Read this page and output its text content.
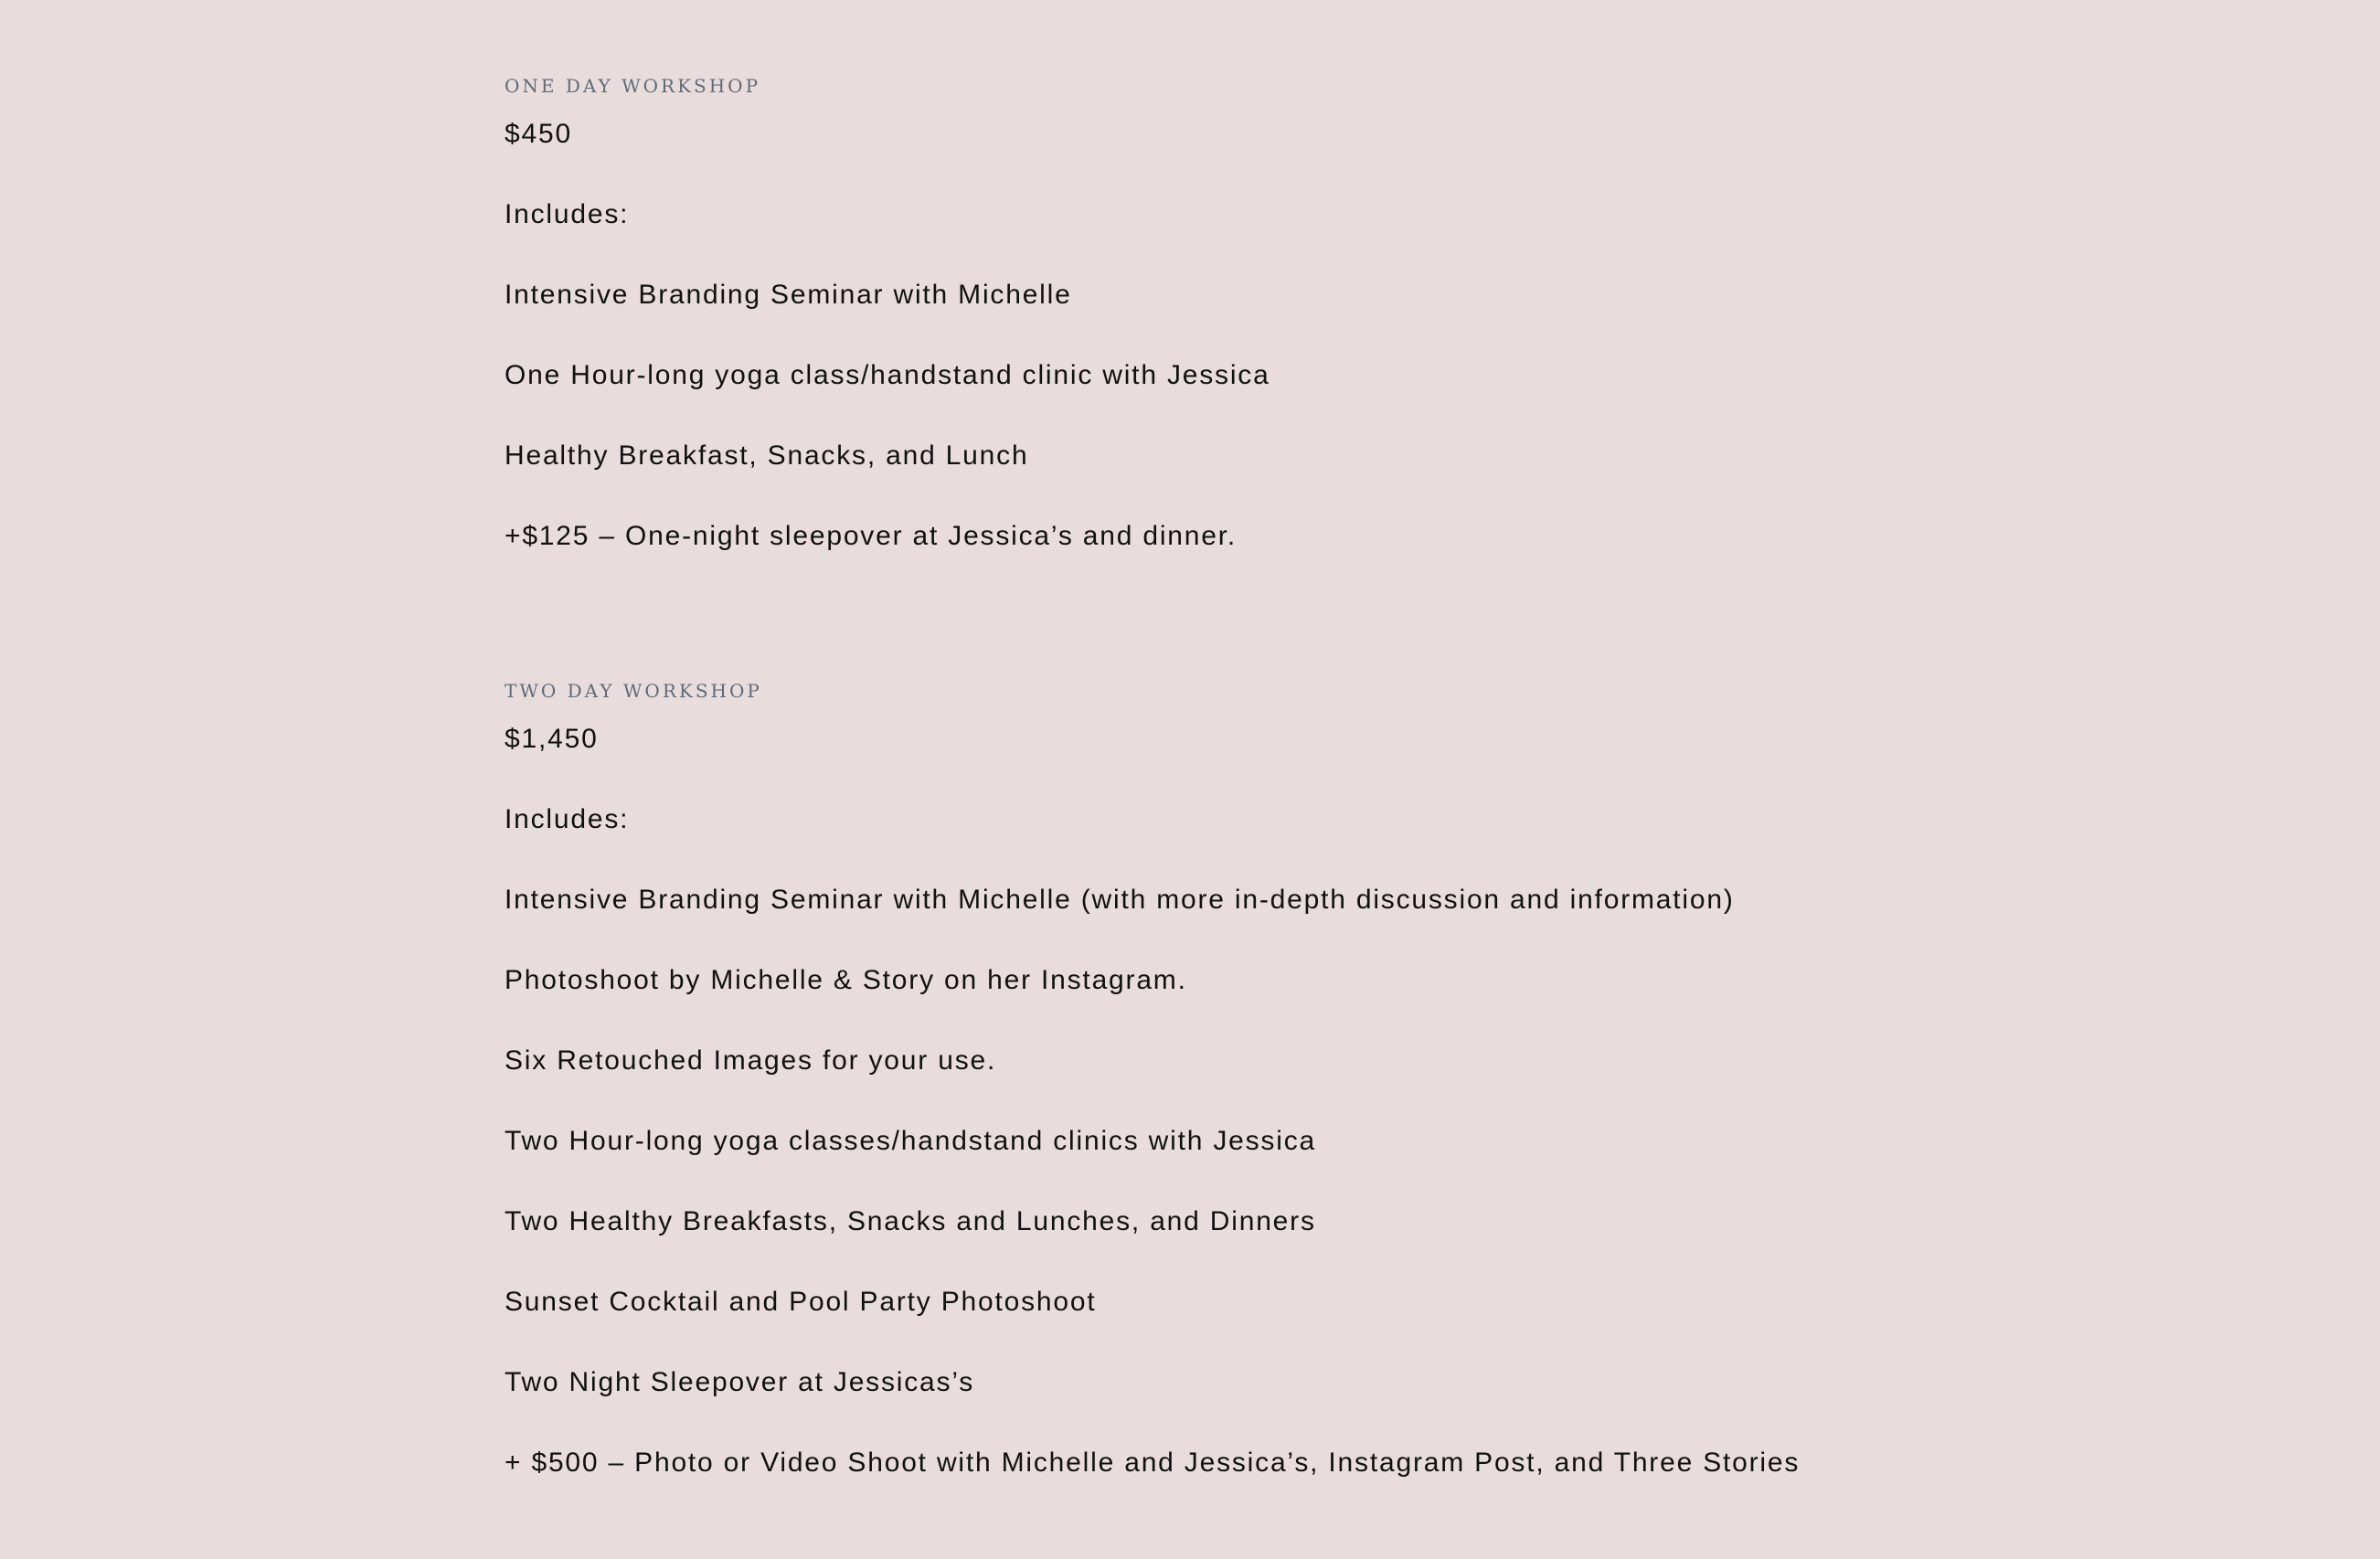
ONE DAY WORKSHOP

$450

Includes:

Intensive Branding Seminar with Michelle

One Hour-long yoga class/handstand clinic with Jessica

Healthy Breakfast, Snacks, and Lunch

+$125 – One-night sleepover at Jessica’s and dinner.

TWO DAY WORKSHOP

$1,450

Includes:

Intensive Branding Seminar with Michelle (with more in-depth discussion and information)

Photoshoot by Michelle & Story on her Instagram.

Six Retouched Images for your use.

Two Hour-long yoga classes/handstand clinics with Jessica

Two Healthy Breakfasts, Snacks and Lunches, and Dinners

Sunset Cocktail and Pool Party Photoshoot

Two Night Sleepover at Jessicas’s

+ $500 – Photo or Video Shoot with Michelle and Jessica’s, Instagram Post, and Three Stories
